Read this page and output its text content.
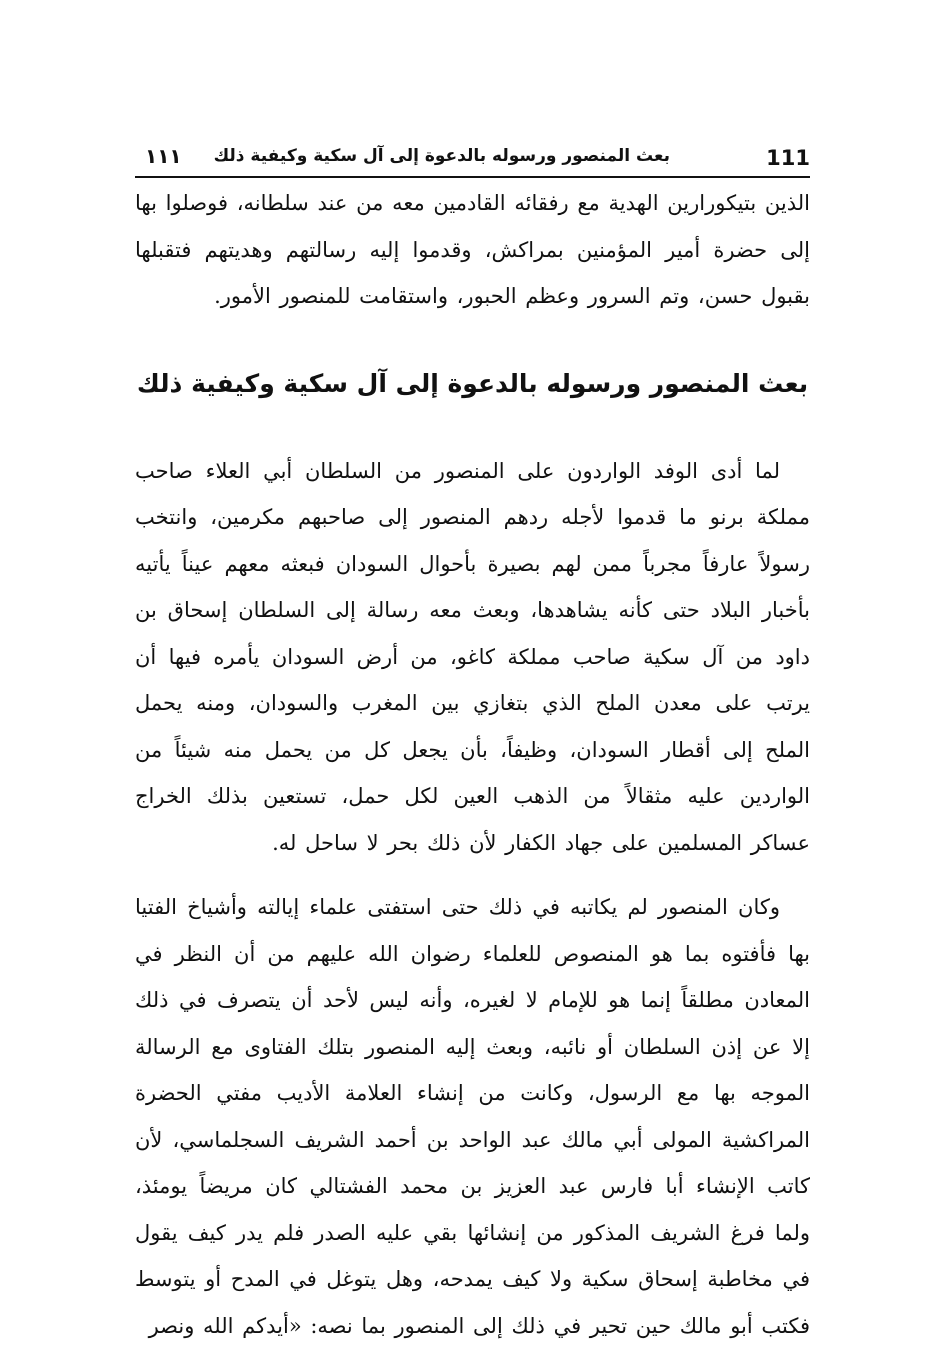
111
بعث المنصور ورسوله بالدعوة إلى آل سكية وكيفية ذلك
١١١

الذين بتيكورارين الهدية مع رفقائه القادمين معه من عند سلطانه، فوصلوا بها إلى حضرة أمير المؤمنين بمراكش، وقدموا إليه رسالتهم وهديتهم فتقبلها بقبول حسن، وتم السرور وعظم الحبور، واستقامت للمنصور الأمور.

بعث المنصور ورسوله بالدعوة إلى آل سكية وكيفية ذلك

لما أدى الوفد الواردون على المنصور من السلطان أبي العلاء صاحب مملكة برنو ما قدموا لأجله ردهم المنصور إلى صاحبهم مكرمين، وانتخب رسولاً عارفاً مجرباً ممن لهم بصيرة بأحوال السودان فبعثه معهم عيناً يأتيه بأخبار البلاد حتى كأنه يشاهدها، وبعث معه رسالة إلى السلطان إسحاق بن داود من آل سكية صاحب مملكة كاغو، من أرض السودان يأمره فيها أن يرتب على معدن الملح الذي بتغازي بين المغرب والسودان، ومنه يحمل الملح إلى أقطار السودان، وظيفاً، بأن يجعل كل من يحمل منه شيئاً من الواردين عليه مثقالاً من الذهب العين لكل حمل، تستعين بذلك الخراج عساكر المسلمين على جهاد الكفار لأن ذلك بحر لا ساحل له.

وكان المنصور لم يكاتبه في ذلك حتى استفتى علماء إيالته وأشياخ الفتيا بها فأفتوه بما هو المنصوص للعلماء رضوان الله عليهم من أن النظر في المعادن مطلقاً إنما هو للإمام لا لغيره، وأنه ليس لأحد أن يتصرف في ذلك إلا عن إذن السلطان أو نائبه، وبعث إليه المنصور بتلك الفتاوى مع الرسالة الموجه بها مع الرسول، وكانت من إنشاء العلامة الأديب مفتي الحضرة المراكشية المولى أبي مالك عبد الواحد بن أحمد الشريف السجلماسي، لأن كاتب الإنشاء أبا فارس عبد العزيز بن محمد الفشتالي كان مريضاً يومئذ، ولما فرغ الشريف المذكور من إنشائها بقي عليه الصدر فلم يدر كيف يقول في مخاطبة إسحاق سكية ولا كيف يمدحه، وهل يتوغل في المدح أو يتوسط فكتب أبو مالك حين تحير في ذلك إلى المنصور بما نصه: «أيدكم الله ونصر
